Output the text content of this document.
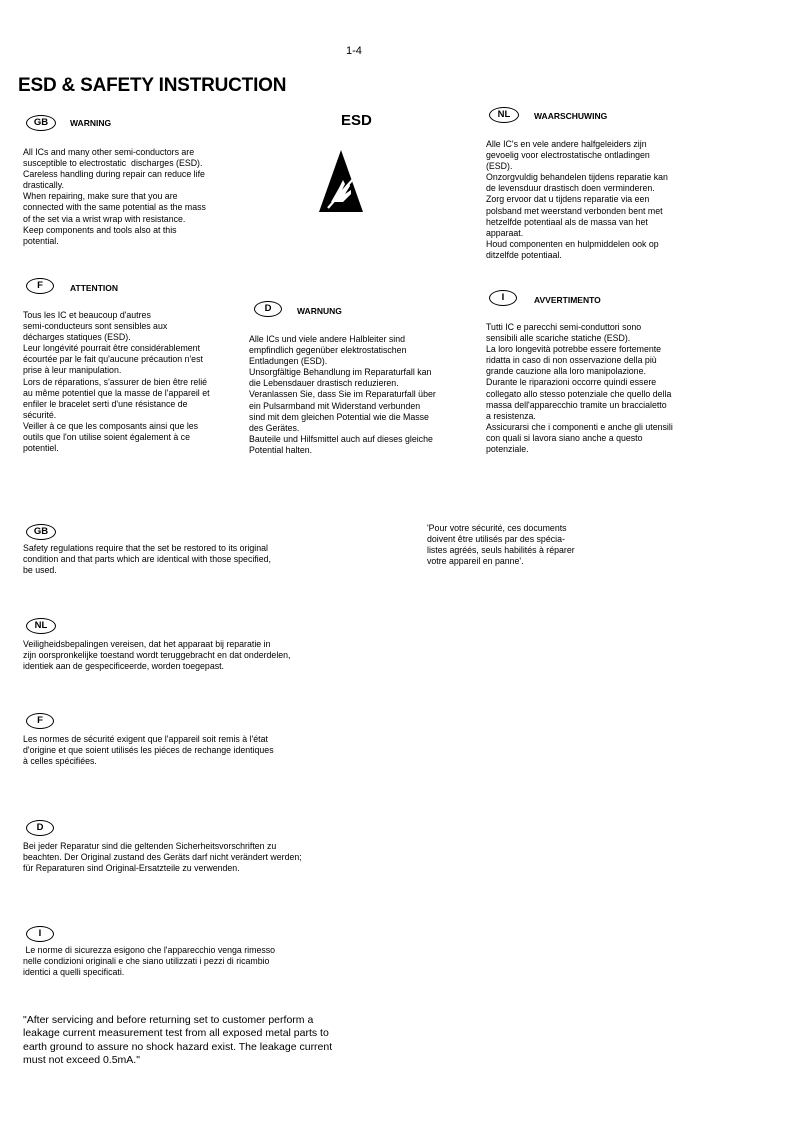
1-4
ESD & SAFETY INSTRUCTION
ESD
GB	WARNING
All ICs and many other semi-conductors are
susceptible to electrostatic  discharges (ESD).
Careless handling during repair can reduce life
drastically.
When repairing, make sure that you are
connected with the same potential as the mass
of the set via a wrist wrap with resistance.
Keep components and tools also at this
potential.
NL	WAARSCHUWING
Alle IC's en vele andere halfgeleiders zijn
gevoelig voor electrostatische ontladingen
(ESD).
Onzorgvuldig behandelen tijdens reparatie kan
de levensduur drastisch doen verminderen.
Zorg ervoor dat u tijdens reparatie via een
polsband met weerstand verbonden bent met
hetzelfde potentiaal als de massa van het
apparaat.
Houd componenten en hulpmiddelen ook op
ditzelfde potentiaal.
F	ATTENTION
Tous les IC et beaucoup d'autres
semi-conducteurs sont sensibles aux
décharges statiques (ESD).
Leur longévité pourrait être considérablement
écourtée par le fait qu'aucune précaution n'est
prise à leur manipulation.
Lors de réparations, s'assurer de bien être relié
au même potentiel que la masse de l'appareil et
enfiler le bracelet serti d'une résistance de
sécurité.
Veiller à ce que les composants ainsi que les
outils que l'on utilise soient également à ce
potentiel.
D	WARNUNG
Alle ICs und viele andere Halbleiter sind
empfindlich gegenüber elektrostatischen
Entladungen (ESD).
Unsorgfältige Behandlung im Reparaturfall kan
die Lebensdauer drastisch reduzieren.
Veranlassen Sie, dass Sie im Reparaturfall über
ein Pulsarmband mit Widerstand verbunden
sind mit dem gleichen Potential wie die Masse
des Gerätes.
Bauteile und Hilfsmittel auch auf dieses gleiche
Potential halten.
I	AVVERTIMENTO
Tutti IC e parecchi semi-conduttori sono
sensibili alle scariche statiche (ESD).
La loro longevità potrebbe essere fortemente
ridatta in caso di non osservazione della più
grande cauzione alla loro manipolazione.
Durante le riparazioni occorre quindi essere
collegato allo stesso potenziale che quello della
massa dell'apparecchio tramite un braccialetto
a resistenza.
Assicurarsi che i componenti e anche gli utensili
con quali si lavora siano anche a questo
potenziale.
GB
Safety regulations require that the set be restored to its original
condition and that parts which are identical with those specified,
be used.
'Pour votre sécurité, ces documents
doivent être utilisés par des spécia-
listes agréés, seuls habilités à réparer
votre appareil en panne'.
NL
Veiligheidsbepalingen vereisen, dat het apparaat bij reparatie in
zijn oorspronkelijke toestand wordt teruggebracht en dat onderdelen,
identiek aan de gespecificeerde, worden toegepast.
F
Les normes de sécurité exigent que l'appareil soit remis à l'état
d'origine et que soient utilisés les piéces de rechange identiques
à celles spécifiées.
D
Bei jeder Reparatur sind die geltenden Sicherheitsvorschriften zu
beachten. Der Original zustand des Geräts darf nicht verändert werden;
für Reparaturen sind Original-Ersatzteile zu verwenden.
I
Le norme di sicurezza esigono che l'apparecchio venga rimesso
nelle condizioni originali e che siano utilizzati i pezzi di ricambio
identici a quelli specificati.
"After servicing and before returning set to customer perform a
leakage current measurement test from all exposed metal parts to
earth ground to assure no shock hazard exist. The leakage current
must not exceed 0.5mA."
